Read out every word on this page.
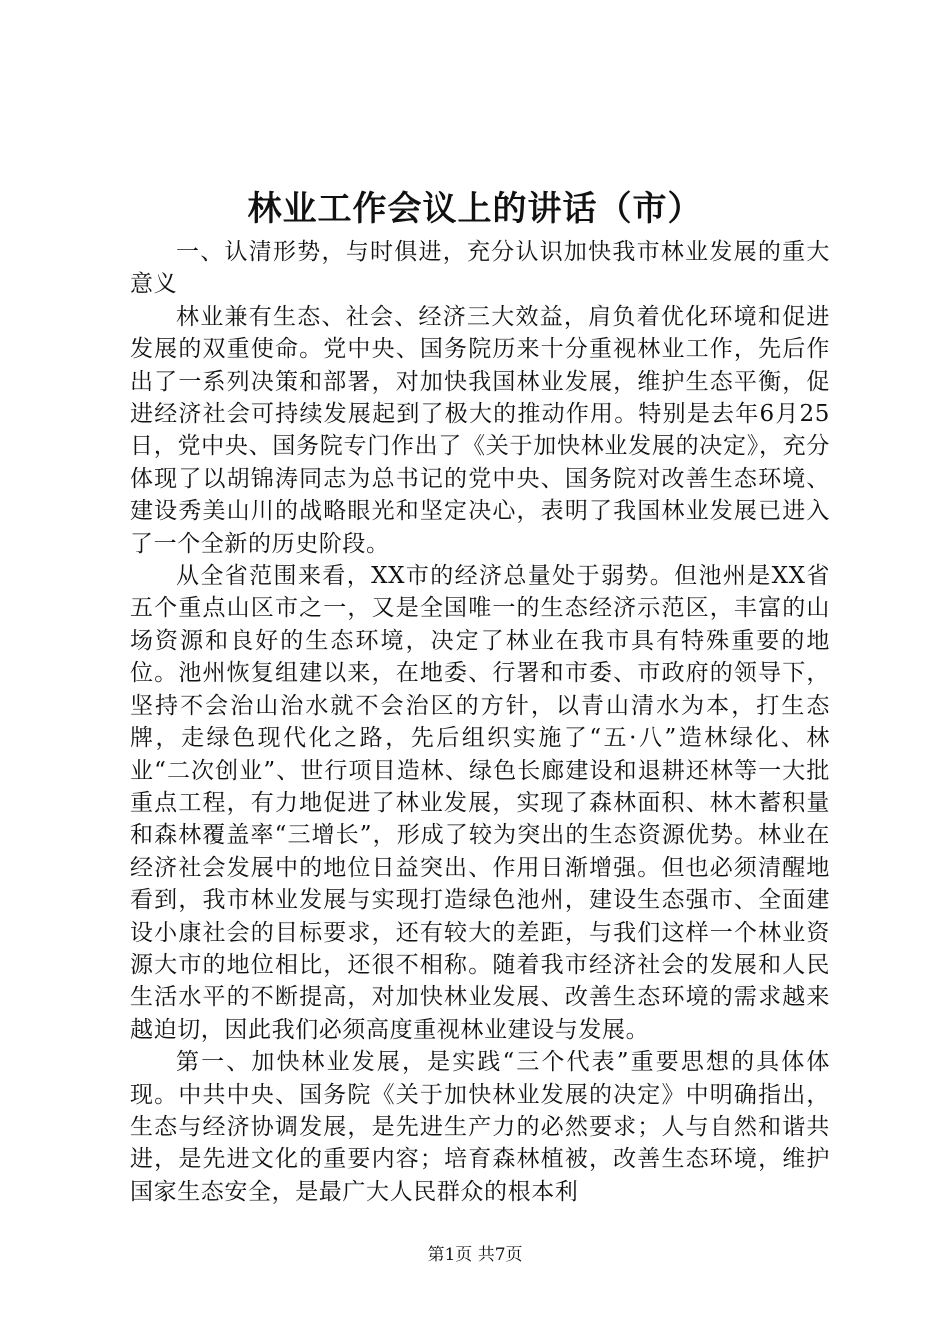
林业工作会议上的讲话（市）

一、认清形势，与时俱进，充分认识加快我市林业发展的重大意义

林业兼有生态、社会、经济三大效益，肩负着优化环境和促进发展的双重使命。党中央、国务院历来十分重视林业工作，先后作出了一系列决策和部署，对加快我国林业发展，维护生态平衡，促进经济社会可持续发展起到了极大的推动作用。特别是去年6月25日，党中央、国务院专门作出了《关于加快林业发展的决定》，充分体现了以胡锦涛同志为总书记的党中央、国务院对改善生态环境、建设秀美山川的战略眼光和坚定决心，表明了我国林业发展已进入了一个全新的历史阶段。

从全省范围来看，XX市的经济总量处于弱势。但池州是XX省五个重点山区市之一，又是全国唯一的生态经济示范区，丰富的山场资源和良好的生态环境，决定了林业在我市具有特殊重要的地位。池州恢复组建以来，在地委、行署和市委、市政府的领导下，坚持不会治山治水就不会治区的方针，以青山清水为本，打生态牌，走绿色现代化之路，先后组织实施了“五·八”造林绿化、林业“二次创业”、世行项目造林、绿色长廊建设和退耕还林等一大批重点工程，有力地促进了林业发展，实现了森林面积、林木蓄积量和森林覆盖率“三增长”，形成了较为突出的生态资源优势。林业在经济社会发展中的地位日益突出、作用日渐增强。但也必须清醒地看到，我市林业发展与实现打造绿色池州，建设生态强市、全面建设小康社会的目标要求，还有较大的差距，与我们这样一个林业资源大市的地位相比，还很不相称。随着我市经济社会的发展和人民生活水平的不断提高，对加快林业发展、改善生态环境的需求越来越迫切，因此我们必须高度重视林业建设与发展。

第一、加快林业发展，是实践“三个代表”重要思想的具体体现。中共中央、国务院《关于加快林业发展的决定》中明确指出，生态与经济协调发展，是先进生产力的必然要求；人与自然和谐共进，是先进文化的重要内容；培育森林植被，改善生态环境，维护国家生态安全，是最广大人民群众的根本利

第1页 共7页
